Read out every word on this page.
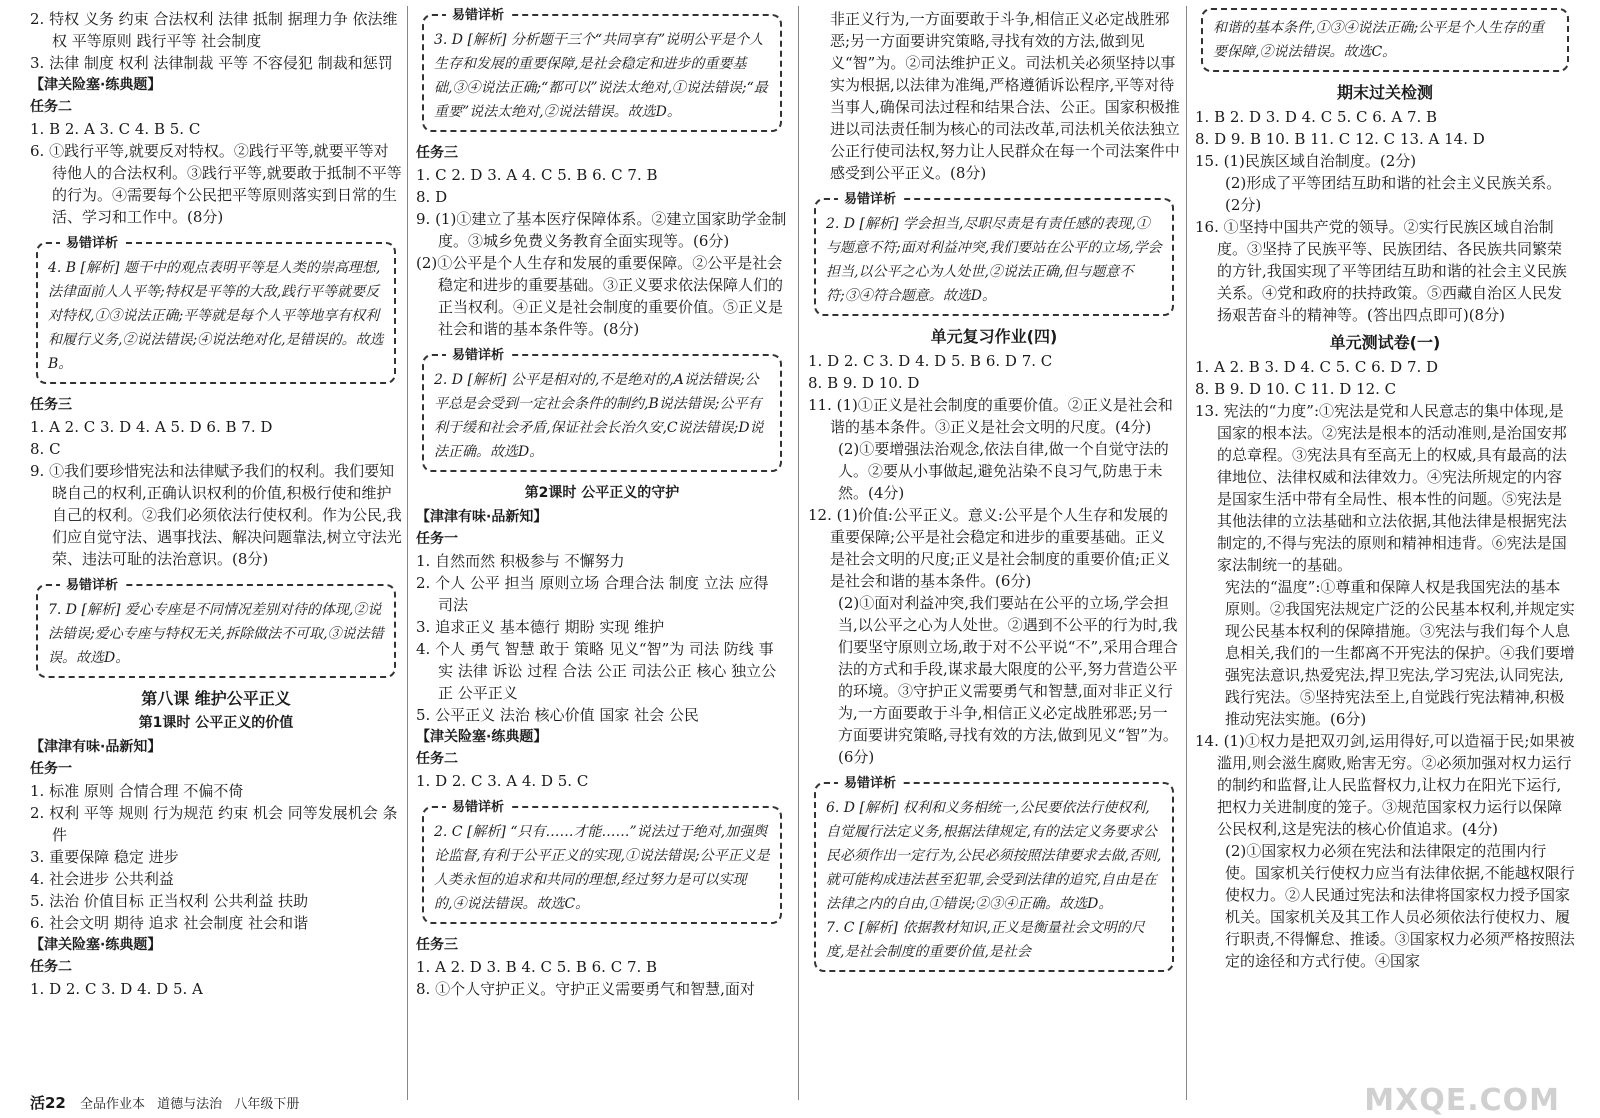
2. 特权 义务 约束 合法权利 法律 抵制 据理力争 依法维权 平等原则 践行平等 社会制度

3. 法律 制度 权利 法律制裁 平等 不容侵犯 制裁和惩罚

【津关险塞·练典题】

任务二

1. B 2. A 3. C 4. B 5. C

6. ①践行平等,就要反对特权。②践行平等,就要平等对待他人的合法权利。③践行平等,就要敢于抵制不平等的行为。④需要每个公民把平等原则落实到日常的生活、学习和工作中。(8分)

易错详析

4. B [解析] 题干中的观点表明平等是人类的崇高理想,法律面前人人平等;特权是平等的大敌,践行平等就要反对特权,①③说法正确;平等就是每个人平等地享有权利和履行义务,②说法错误;④说法绝对化,是错误的。故选B。

任务三

1. A 2. C 3. D 4. A 5. D 6. B 7. D

8. C

9. ①我们要珍惜宪法和法律赋予我们的权利。我们要知晓自己的权利,正确认识权利的价值,积极行使和维护自己的权利。②我们必须依法行使权利。作为公民,我们应自觉守法、遇事找法、解决问题靠法,树立守法光荣、违法可耻的法治意识。(8分)

易错详析

7. D [解析] 爱心专座是不同情况差别对待的体现,②说法错误;爱心专座与特权无关,拆除做法不可取,③说法错误。故选D。

第八课 维护公平正义

第1课时 公平正义的价值

【津津有味·品新知】

任务一

1. 标准 原则 合情合理 不偏不倚

2. 权利 平等 规则 行为规范 约束 机会 同等发展机会 条件

3. 重要保障 稳定 进步

4. 社会进步 公共利益

5. 法治 价值目标 正当权利 公共利益 扶助

6. 社会文明 期待 追求 社会制度 社会和谐

【津关险塞·练典题】

任务二

1. D 2. C 3. D 4. D 5. A

易错详析

3. D [解析] 分析题干三个“共同享有”说明公平是个人生存和发展的重要保障,是社会稳定和进步的重要基础,③④说法正确;“都可以”说法太绝对,①说法错误;“最重要”说法太绝对,②说法错误。故选D。

任务三

1. C 2. D 3. A 4. C 5. B 6. C 7. B

8. D

9. (1)①建立了基本医疗保障体系。②建立国家助学金制度。③城乡免费义务教育全面实现等。(6分)

(2)①公平是个人生存和发展的重要保障。②公平是社会稳定和进步的重要基础。③正义要求依法保障人们的正当权利。④正义是社会制度的重要价值。⑤正义是社会和谐的基本条件等。(8分)

易错详析

2. D [解析] 公平是相对的,不是绝对的,A说法错误;公平总是会受到一定社会条件的制约,B说法错误;公平有利于缓和社会矛盾,保证社会长治久安,C说法错误;D说法正确。故选D。

第2课时 公平正义的守护

【津津有味·品新知】

任务一

1. 自然而然 积极参与 不懈努力

2. 个人 公平 担当 原则立场 合理合法 制度 立法 应得 司法

3. 追求正义 基本德行 期盼 实现 维护

4. 个人 勇气 智慧 敢于 策略 见义“智”为 司法 防线 事实 法律 诉讼 过程 合法 公正 司法公正 核心 独立公正 公平正义

5. 公平正义 法治 核心价值 国家 社会 公民

【津关险塞·练典题】

任务二

1. D 2. C 3. A 4. D 5. C

易错详析

2. C [解析] “只有……才能……”说法过于绝对,加强舆论监督,有利于公平正义的实现,①说法错误;公平正义是人类永恒的追求和共同的理想,经过努力是可以实现的,④说法错误。故选C。

任务三

1. A 2. D 3. B 4. C 5. B 6. C 7. B

8. ①个人守护正义。守护正义需要勇气和智慧,面对

非正义行为,一方面要敢于斗争,相信正义必定战胜邪恶;另一方面要讲究策略,寻找有效的方法,做到见义“智”为。②司法维护正义。司法机关必须坚持以事实为根据,以法律为准绳,严格遵循诉讼程序,平等对待当事人,确保司法过程和结果合法、公正。国家积极推进以司法责任制为核心的司法改革,司法机关依法独立公正行使司法权,努力让人民群众在每一个司法案件中感受到公平正义。(8分)

易错详析

2. D [解析] 学会担当,尽职尽责是有责任感的表现,①与题意不符;面对利益冲突,我们要站在公平的立场,学会担当,以公平之心为人处世,②说法正确,但与题意不符;③④符合题意。故选D。

单元复习作业(四)

1. D 2. C 3. D 4. D 5. B 6. D 7. C

8. B 9. D 10. D

11. (1)①正义是社会制度的重要价值。②正义是社会和谐的基本条件。③正义是社会文明的尺度。(4分)

(2)①要增强法治观念,依法自律,做一个自觉守法的人。②要从小事做起,避免沾染不良习气,防患于未然。(4分)

12. (1)价值:公平正义。意义:公平是个人生存和发展的重要保障;公平是社会稳定和进步的重要基础。正义是社会文明的尺度;正义是社会制度的重要价值;正义是社会和谐的基本条件。(6分)

(2)①面对利益冲突,我们要站在公平的立场,学会担当,以公平之心为人处世。②遇到不公平的行为时,我们要坚守原则立场,敢于对不公平说“不”,采用合理合法的方式和手段,谋求最大限度的公平,努力营造公平的环境。③守护正义需要勇气和智慧,面对非正义行为,一方面要敢于斗争,相信正义必定战胜邪恶;另一方面要讲究策略,寻找有效的方法,做到见义“智”为。(6分)

易错详析

6. D [解析] 权利和义务相统一,公民要依法行使权利,自觉履行法定义务,根据法律规定,有的法定义务要求公民必须作出一定行为,公民必须按照法律要求去做,否则,就可能构成违法甚至犯罪,会受到法律的追究,自由是在法律之内的自由,①错误;②③④正确。故选D。

7. C [解析] 依据教材知识,正义是衡量社会文明的尺度,是社会制度的重要价值,是社会

和谐的基本条件,①③④说法正确;公平是个人生存的重要保障,②说法错误。故选C。

期末过关检测

1. B 2. D 3. D 4. C 5. C 6. A 7. B

8. D 9. B 10. B 11. C 12. C 13. A 14. D

15. (1)民族区域自治制度。(2分)

(2)形成了平等团结互助和谐的社会主义民族关系。(2分)

16. ①坚持中国共产党的领导。②实行民族区域自治制度。③坚持了民族平等、民族团结、各民族共同繁荣的方针,我国实现了平等团结互助和谐的社会主义民族关系。④党和政府的扶持政策。⑤西藏自治区人民发扬艰苦奋斗的精神等。(答出四点即可)(8分)

单元测试卷(一)

1. A 2. B 3. D 4. C 5. C 6. D 7. D

8. B 9. D 10. C 11. D 12. C

13. 宪法的“力度”:①宪法是党和人民意志的集中体现,是国家的根本法。②宪法是根本的活动准则,是治国安邦的总章程。③宪法具有至高无上的权威,具有最高的法律地位、法律权威和法律效力。④宪法所规定的内容是国家生活中带有全局性、根本性的问题。⑤宪法是其他法律的立法基础和立法依据,其他法律是根据宪法制定的,不得与宪法的原则和精神相违背。⑥宪法是国家法制统一的基础。

宪法的“温度”:①尊重和保障人权是我国宪法的基本原则。②我国宪法规定广泛的公民基本权利,并规定实现公民基本权利的保障措施。③宪法与我们每个人息息相关,我们的一生都离不开宪法的保护。④我们要增强宪法意识,热爱宪法,捍卫宪法,学习宪法,认同宪法,践行宪法。⑤坚持宪法至上,自觉践行宪法精神,积极推动宪法实施。(6分)

14. (1)①权力是把双刃剑,运用得好,可以造福于民;如果被滥用,则会滋生腐败,贻害无穷。②必须加强对权力运行的制约和监督,让人民监督权力,让权力在阳光下运行,把权力关进制度的笼子。③规范国家权力运行以保障公民权利,这是宪法的核心价值追求。(4分)

(2)①国家权力必须在宪法和法律限定的范围内行使。国家机关行使权力应当有法律依据,不能越权限行使权力。②人民通过宪法和法律将国家权力授予国家机关。国家机关及其工作人员必须依法行使权力、履行职责,不得懈怠、推诿。③国家权力必须严格按照法定的途径和方式行使。④国家

活22 全品作业本 道德与法治 八年级下册	MXQE.COM
